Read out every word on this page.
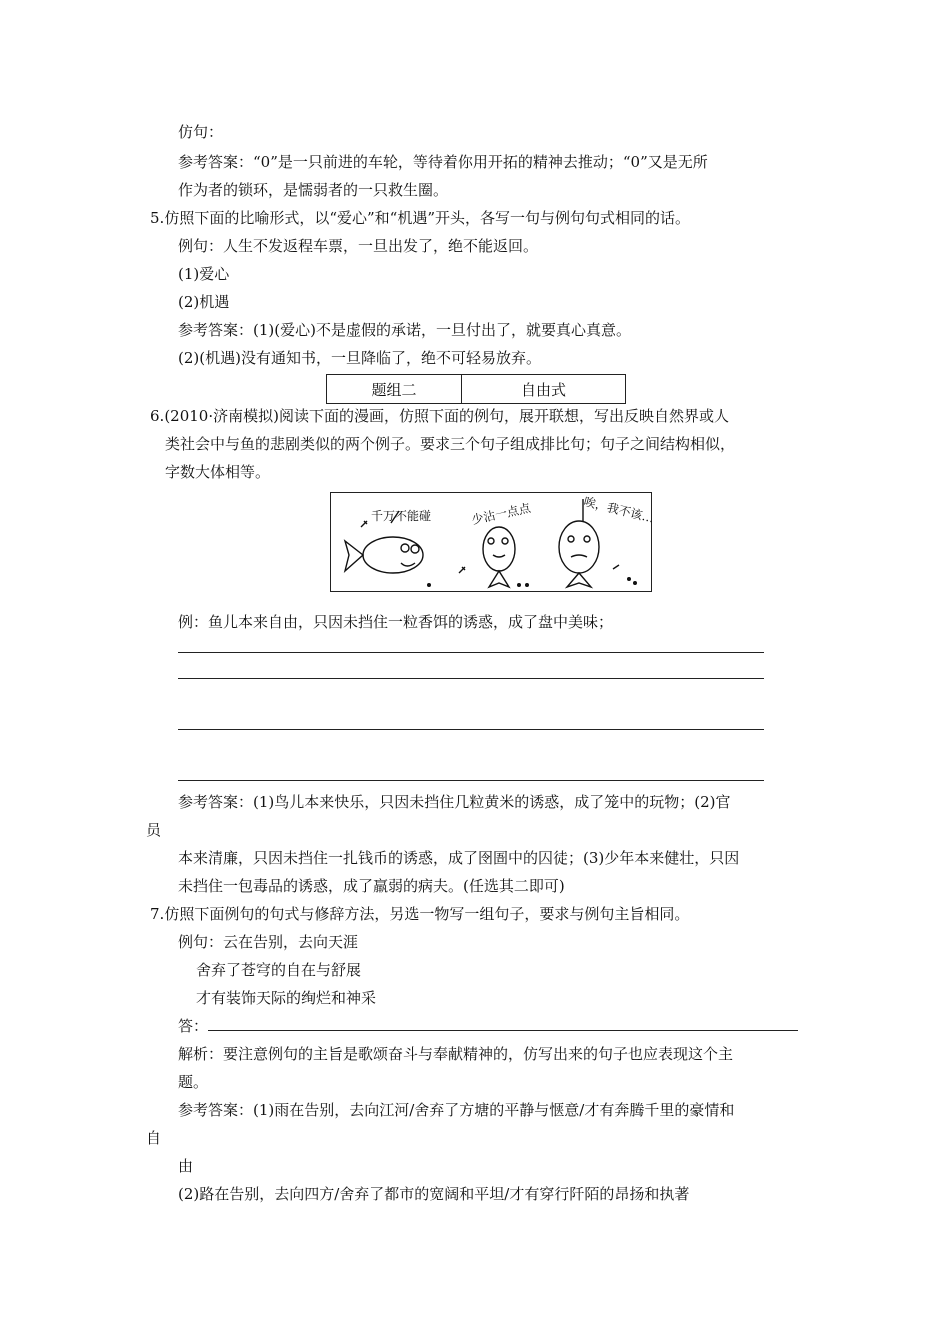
仿句：
参考答案：“0”是一只前进的车轮，等待着你用开拓的精神去推动；“0”又是无所
作为者的锁环，是懦弱者的一只救生圈。
5.仿照下面的比喻形式，以“爱心”和“机遇”开头，各写一句与例句句式相同的话。
例句：人生不发返程车票，一旦出发了，绝不能返回。
(1)爱心
(2)机遇
参考答案：(1)(爱心)不是虚假的承诺，一旦付出了，就要真心真意。
(2)(机遇)没有通知书，一旦降临了，绝不可轻易放弃。
题组二	自由式
6.(2010·济南模拟)阅读下面的漫画，仿照下面的例句，展开联想，写出反映自然界或人
类社会中与鱼的悲剧类似的两个例子。要求三个句子组成排比句；句子之间结构相似，
字数大体相等。
千万不能碰	少沾一点点	唉，我不该…
例：鱼儿本来自由，只因未挡住一粒香饵的诱惑，成了盘中美味；
参考答案：(1)鸟儿本来快乐，只因未挡住几粒黄米的诱惑，成了笼中的玩物；(2)官
员
本来清廉，只因未挡住一扎钱币的诱惑，成了囹圄中的囚徒；(3)少年本来健壮，只因
未挡住一包毒品的诱惑，成了羸弱的病夫。(任选其二即可)
7.仿照下面例句的句式与修辞方法，另选一物写一组句子，要求与例句主旨相同。
例句：云在告别，去向天涯
舍弃了苍穹的自在与舒展
才有装饰天际的绚烂和神采
答：
解析：要注意例句的主旨是歌颂奋斗与奉献精神的，仿写出来的句子也应表现这个主
题。
参考答案：(1)雨在告别，去向江河/舍弃了方塘的平静与惬意/才有奔腾千里的豪情和
自
由
(2)路在告别，去向四方/舍弃了都市的宽阔和平坦/才有穿行阡陌的昂扬和执著
